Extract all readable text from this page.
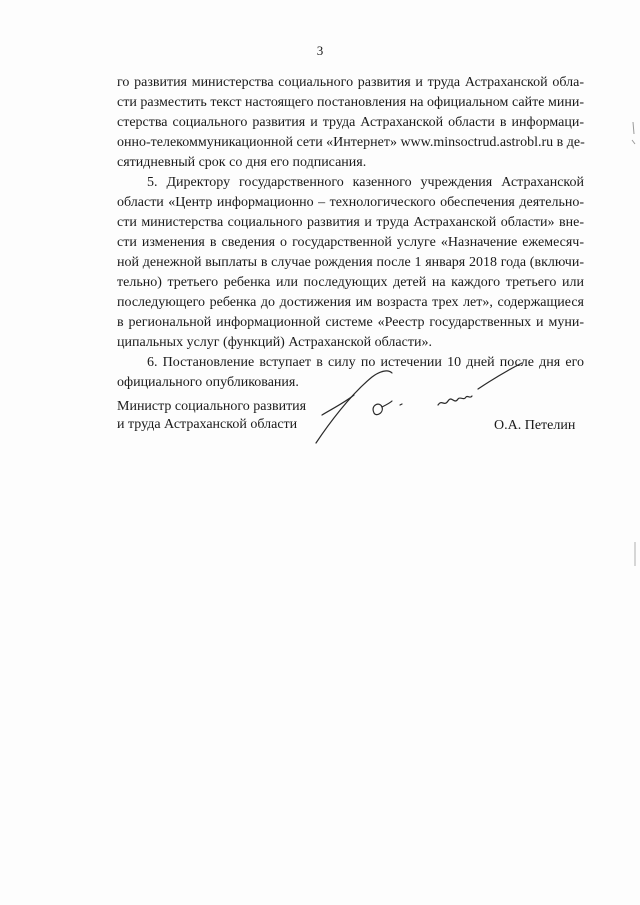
3
го развития министерства социального развития и труда Астраханской обла-
сти разместить текст настоящего постановления на официальном сайте мини-
стерства социального развития и труда Астраханской области в информаци-
онно-телекоммуникационной сети «Интернет» www.minsoctrud.astrobl.ru в де-
сятидневный срок со дня его подписания.
5. Директору государственного казенного учреждения Астраханской
области «Центр информационно – технологического обеспечения деятельно-
сти министерства социального развития и труда Астраханской области» вне-
сти изменения в сведения о государственной услуге «Назначение ежемесяч-
ной денежной выплаты в случае рождения после 1 января 2018 года (включи-
тельно) третьего ребенка или последующих детей на каждого третьего или
последующего ребенка до достижения им возраста трех лет», содержащиеся
в региональной информационной системе «Реестр государственных и муни-
ципальных услуг (функций) Астраханской области».
6. Постановление вступает в силу по истечении 10 дней после дня его
официального опубликования.
Министр социального развития
и труда Астраханской области	О.А. Петелин
